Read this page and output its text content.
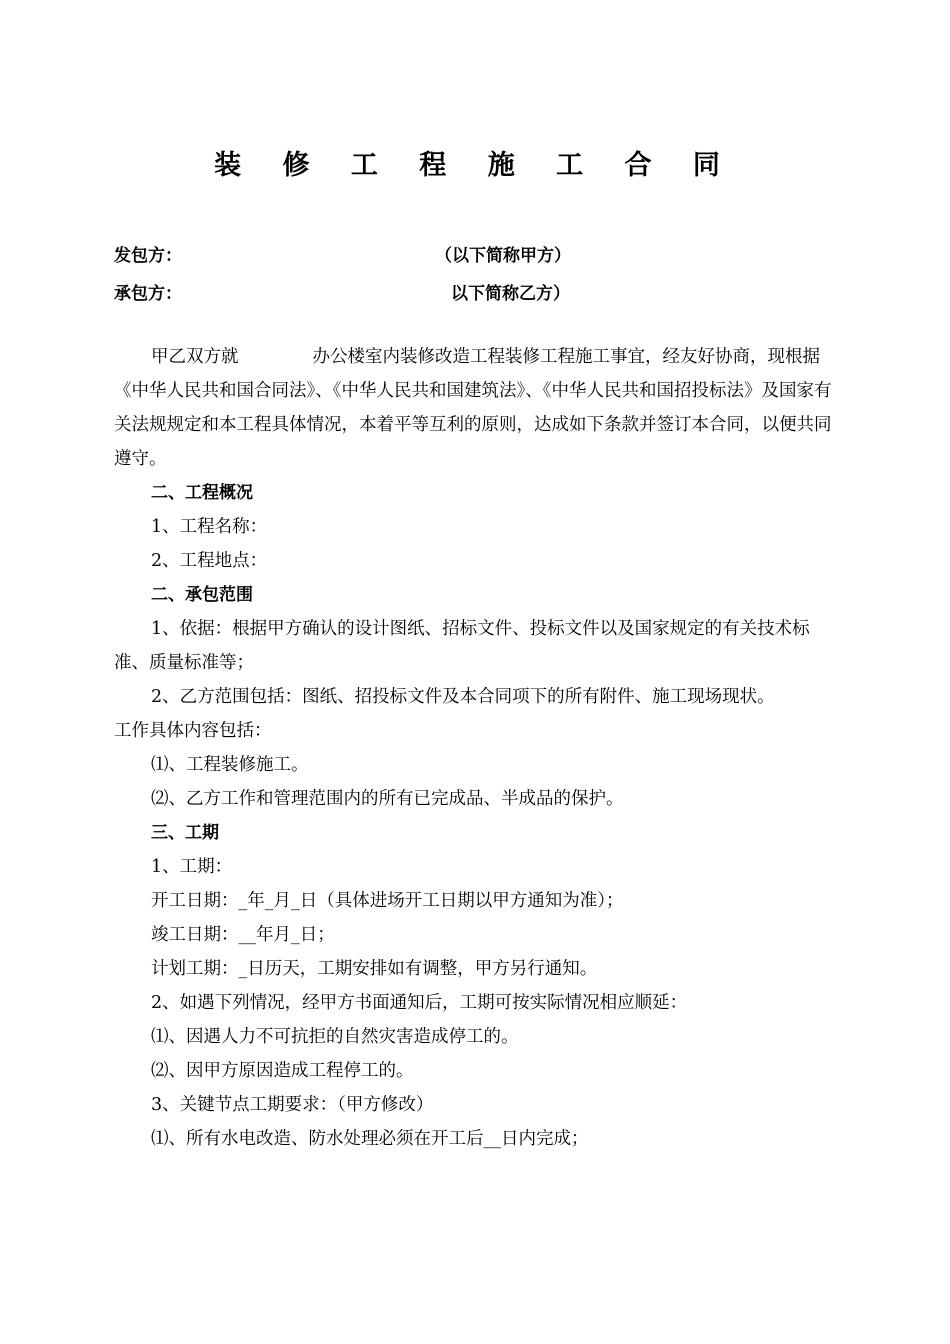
装 修 工 程 施 工 合 同
发包方：	（以下简称甲方）
承包方：	以下简称乙方）

甲乙双方就	办公楼室内装修改造工程装修工程施工事宜，经友好协商，现根据《中华人民共和国合同法》、《中华人民共和国建筑法》、《中华人民共和国招投标法》及国家有关法规规定和本工程具体情况，本着平等互利的原则，达成如下条款并签订本合同，以便共同遵守。

二、工程概况

1、工程名称：

2、工程地点：

二、承包范围

1、依据：根据甲方确认的设计图纸、招标文件、投标文件以及国家规定的有关技术标准、质量标准等；

2、乙方范围包括：图纸、招投标文件及本合同项下的所有附件、施工现场现状。

工作具体内容包括：

⑴、工程装修施工。

⑵、乙方工作和管理范围内的所有已完成品、半成品的保护。

三、工期

1、工期：

开工日期：_年_月_日（具体进场开工日期以甲方通知为准）；

竣工日期：__年月_日；

计划工期：_日历天，工期安排如有调整，甲方另行通知。

2、如遇下列情况，经甲方书面通知后，工期可按实际情况相应顺延：

⑴、因遇人力不可抗拒的自然灾害造成停工的。

⑵、因甲方原因造成工程停工的。

3、关键节点工期要求：（甲方修改）

⑴、所有水电改造、防水处理必须在开工后__日内完成；
